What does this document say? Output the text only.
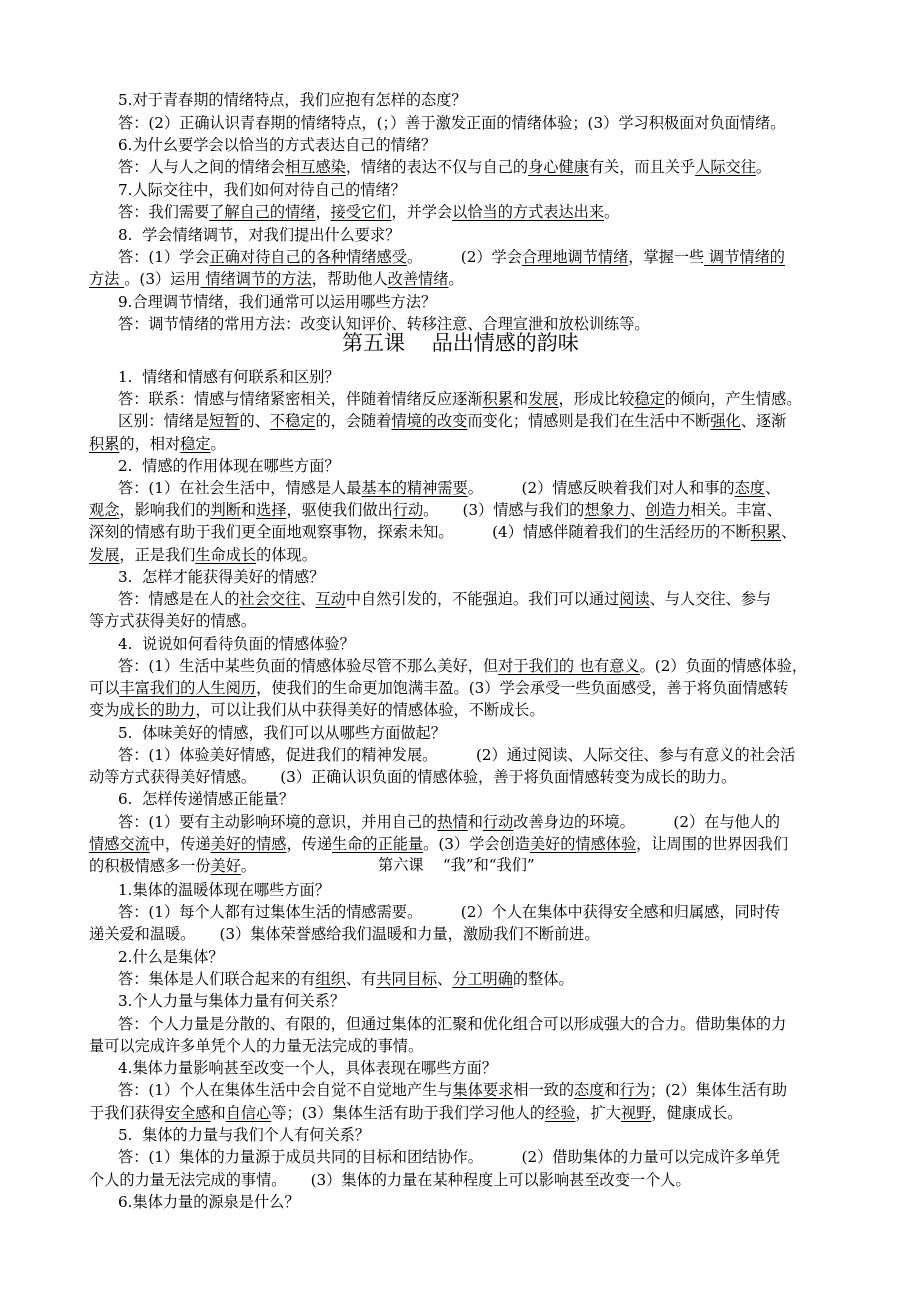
第五课    品出情感的韵味
第六课    “我”和“我们”
5.对于青春期的情绪特点，我们应抱有怎样的态度？
答：(2）正确认识青春期的情绪特点，(；）善于激发正面的情绪体验；(3）学习积极面对负面情绪。
6.为什幺要学会以恰当的方式表达自己的情绪？
答：人与人之间的情绪会相互感染，情绪的表达不仅与自己的身心健康有关，而且关乎人际交往。
7.人际交往中，我们如何对待自己的情绪？
答：我们需要了解自己的情绪，接受它们，并学会以恰当的方式表达出来。
8.  学会情绪调节，对我们提出什么要求？
答：(1）学会正确对待自己的各种情绪感受。        (2）学会合理地调节情绪，掌握一些 调节情绪的
方法 。(3）运用 情绪调节的方法，帮助他人改善情绪。
9.合理调节情绪，我们通常可以运用哪些方法？
答：调节情绪的常用方法：改变认知评价、转移注意、合理宣泄和放松训练等。
1.  情绪和情感有何联系和区别？
答：联系：情感与情绪紧密相关，伴随着情绪反应逐渐积累和发展，形成比较稳定的倾向，产生情感。
区别：情绪是短暂的、不稳定的，会随着情境的改变而变化；情感则是我们在生活中不断强化、逐渐
积累的，相对稳定。
2.  情感的作用体现在哪些方面？
答：(1）在社会生活中，情感是人最基本的精神需要。        (2）情感反映着我们对人和事的态度、
观念，影响我们的判断和选择，驱使我们做出行动。     (3）情感与我们的想象力、创造力相关。丰富、
深刻的情感有助于我们更全面地观察事物，探索未知。        (4）情感伴随着我们的生活经历的不断积累、
发展，正是我们生命成长的体现。
3.  怎样才能获得美好的情感？
答：情感是在人的社会交往、互动中自然引发的，不能强迫。我们可以通过阅读、与人交往、参与
等方式获得美好的情感。
4.  说说如何看待负面的情感体验？
答：(1）生活中某些负面的情感体验尽管不那么美好，但对于我们的 也有意义。(2）负面的情感体验，
可以丰富我们的人生阅历，使我们的生命更加饱满丰盈。(3）学会承受一些负面感受，善于将负面情感转
变为成长的助力，可以让我们从中获得美好的情感体验，不断成长。
5.  体味美好的情感，我们可以从哪些方面做起？
答：(1）体验美好情感，促进我们的精神发展。        (2）通过阅读、人际交往、参与有意义的社会活
动等方式获得美好情感。     (3）正确认识负面的情感体验，善于将负面情感转变为成长的助力。
6.  怎样传递情感正能量？
答：(1）要有主动影响环境的意识，并用自己的热情和行动改善身边的环境。        (2）在与他人的
情感交流中，传递美好的情感，传递生命的正能量。(3）学会创造美好的情感体验，让周围的世界因我们
的积极情感多一份美好。
1.集体的温暖体现在哪些方面？
答：(1）每个人都有过集体生活的情感需要。        (2）个人在集体中获得安全感和归属感，同时传
递关爱和温暖。     (3）集体荣誉感给我们温暖和力量，激励我们不断前进。
2.什么是集体？
答：集体是人们联合起来的有组织、有共同目标、分工明确的整体。
3.个人力量与集体力量有何关系？
答：个人力量是分散的、有限的，但通过集体的汇聚和优化组合可以形成强大的合力。借助集体的力
量可以完成许多单凭个人的力量无法完成的事情。
4.集体力量影响甚至改变一个人，具体表现在哪些方面？
答：(1）个人在集体生活中会自觉不自觉地产生与集体要求相一致的态度和行为；(2）集体生活有助
于我们获得安全感和自信心等；(3）集体生活有助于我们学习他人的经验，扩大视野，健康成长。
5.  集体的力量与我们个人有何关系？
答：(1）集体的力量源于成员共同的目标和团结协作。        (2）借助集体的力量可以完成许多单凭
个人的力量无法完成的事情。     (3）集体的力量在某种程度上可以影响甚至改变一个人。
6.集体力量的源泉是什么？
